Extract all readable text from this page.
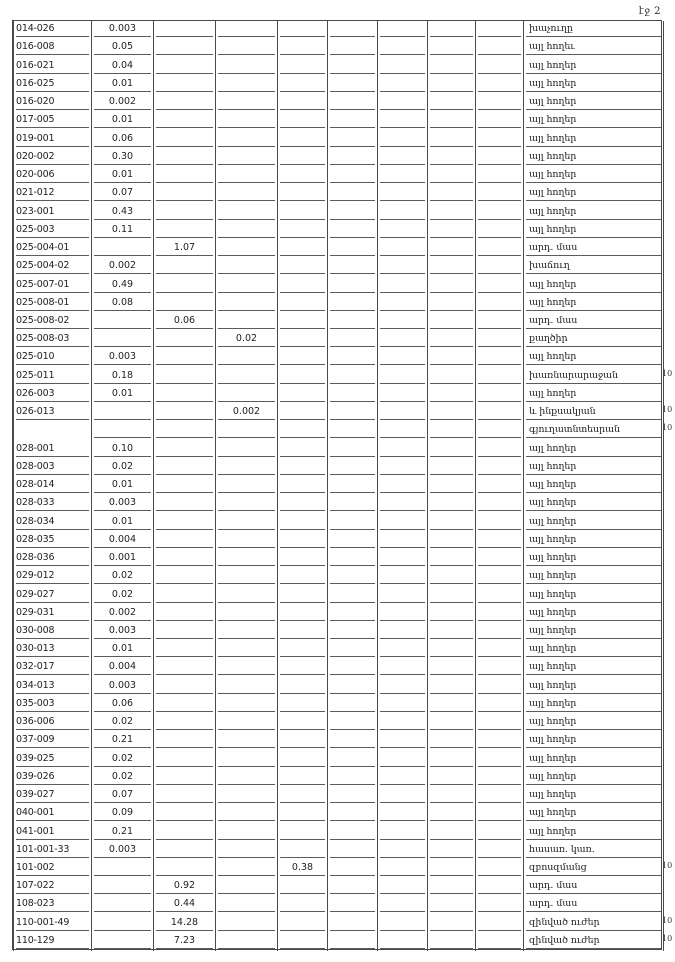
էջ 2
014-026	0.003								խաչուղը

016-008	0.05								այլ հողեւ

016-021	0.04								այլ հողեր

016-025	0.01								այլ հողեր

016-020	0.002								այլ հողեր

017-005	0.01								այլ հողեր

019-001	0.06								այլ հողեր

020-002	0.30								այլ հողեր

020-006	0.01								այլ հողեր

021-012	0.07								այլ հողեր

023-001	0.43								այլ հողեր

025-003	0.11								այլ հողեր

025-004-01		1.07							արդ. մաս

025-004-02	0.002								խաճուղ

025-007-01	0.49								այլ հողեր

025-008-01	0.08								այլ հողեր

025-008-02		0.06							արդ. մաս

025-008-03			0.02						քաղծիր

025-010	0.003								այլ հողեր

025-011	0.18								խառնարարաջան

026-003	0.01								այլ հողեր

026-013			0.002						և ինքսակյան

									գյուղատնտեսրան

028-001	0.10								այլ հողեր

028-003	0.02								այլ հողեր

028-014	0.01								այլ հողեր

028-033	0.003								այլ հողեր

028-034	0.01								այլ հողեր

028-035	0.004								այլ հողեր

028-036	0.001								այլ հողեր

029-012	0.02								այլ հողեր

029-027	0.02								այլ հողեր

029-031	0.002								այլ հողեր

030-008	0.003								այլ հողեր

030-013	0.01								այլ հողեր

032-017	0.004								այլ հողեր

034-013	0.003								այլ հողեր

035-003	0.06								այլ հողեր

036-006	0.02								այլ հողեր

037-009	0.21								այլ հողեր

039-025	0.02								այլ հողեր

039-026	0.02								այլ հողեր

039-027	0.07								այլ հողեր

040-001	0.09								այլ հողեր

041-001	0.21								այլ հողեր

101-001-33	0.003								հասառ. կառ.

101-002				0.38					զբոսզմանց

107-022		0.92							արդ. մաս

108-023		0.44							արդ. մաս

110-001-49		14.28							զինված ուժեր

110-129		7.23							զինված ուժեր
10
10
10
10
10
10
